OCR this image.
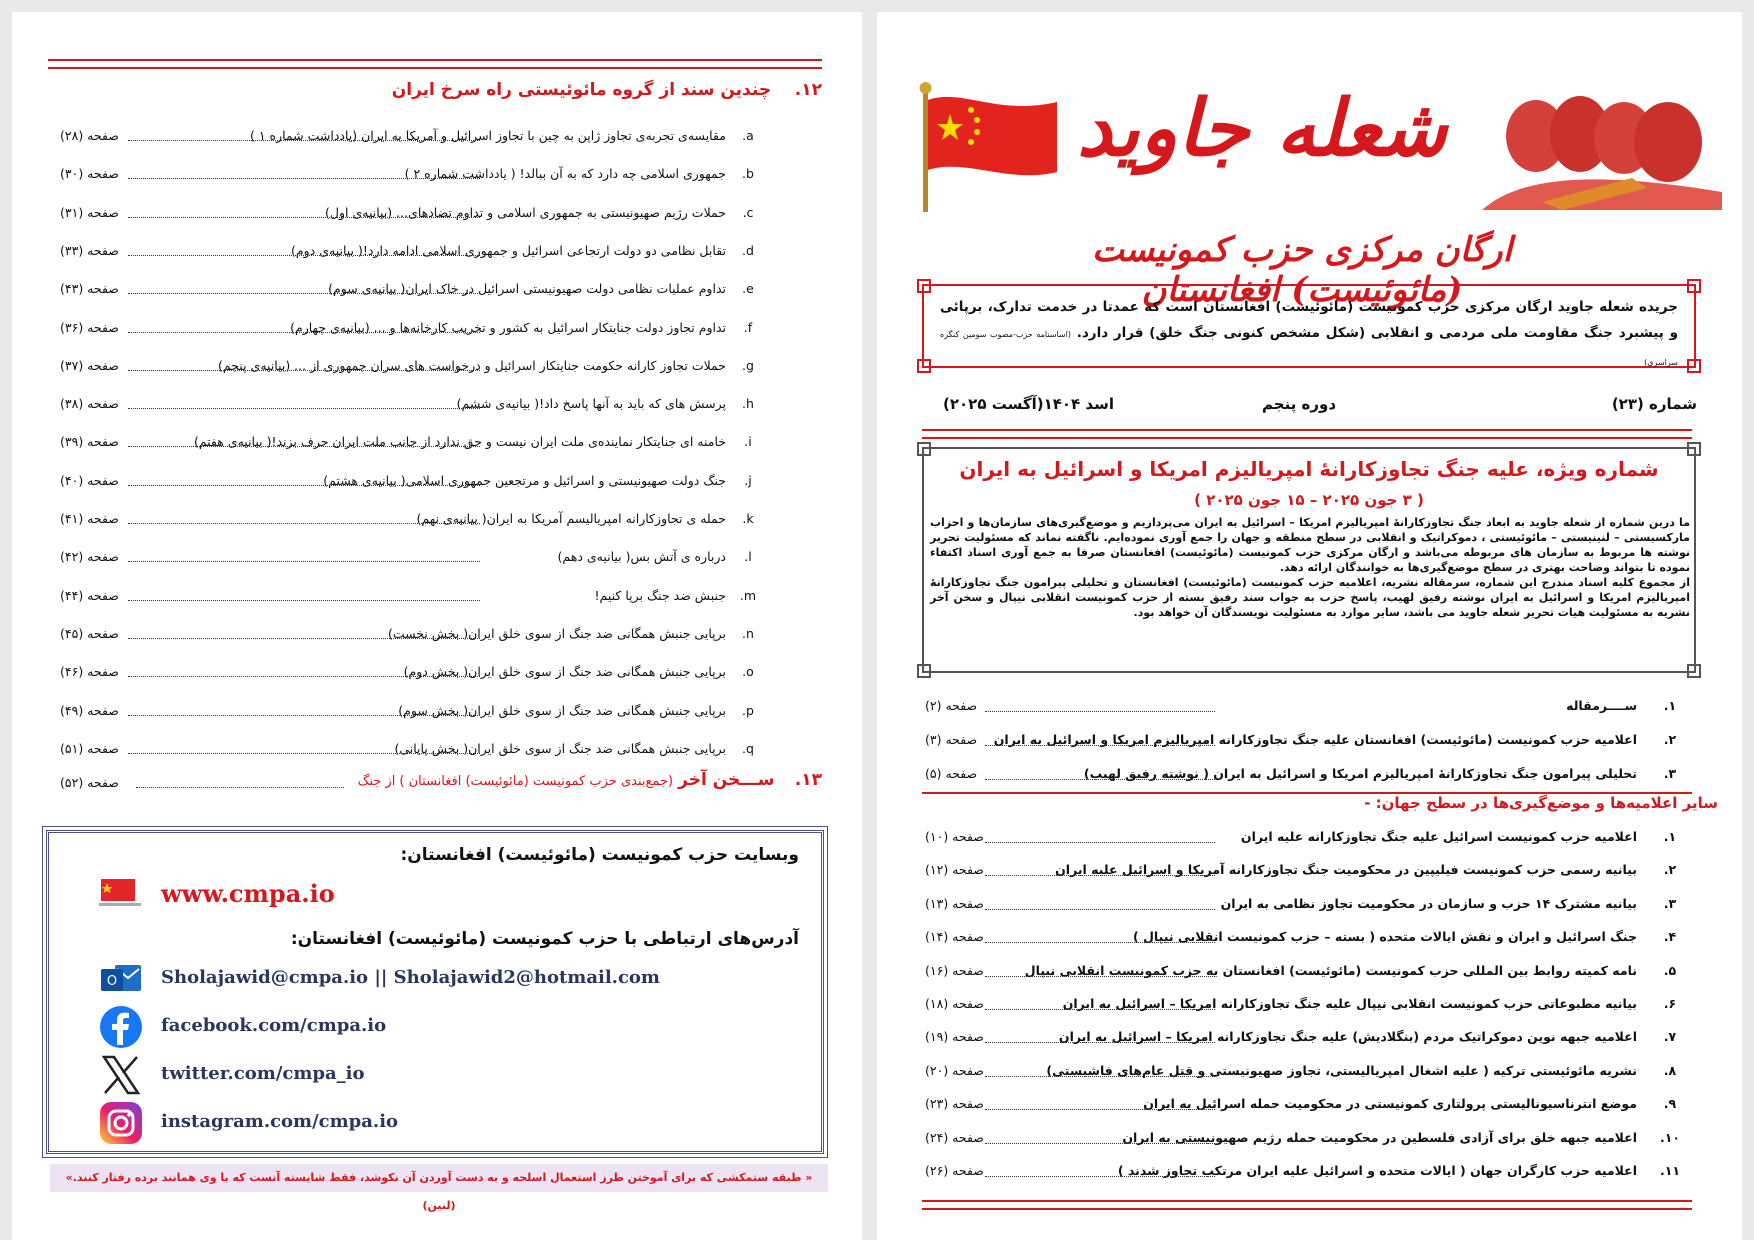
١٢.    چندین سند از گروه مائوئیستی راه سرخ ایران
a.
مقایسه‌ی تجربه‌ی تجاوز ژاپن به چین با تجاوز اسرائیل و آمریکا به ایران (یادداشت شماره ۱ )
صفحه (۲۸)
b.
جمهوری اسلامی چه دارد که به آن ببالد! ( یادداشت شماره ۲ )
صفحه (۳۰)
c.
حملات رژیم صهیونیستی به جمهوری اسلامی و تداوم تضادهای... (بیانیه‌ی اول)
صفحه (۳۱)
d.
تقابل نظامی دو دولت ارتجاعی اسرائیل و جمهوری اسلامی ادامه دارد!( بیانیه‌ی دوم)
صفحه (۳۳)
e.
تداوم عملیات نظامی دولت صهیونیستی اسرائیل در خاک ایران( بیانیه‌ی سوم)
صفحه (۴۳)
f.
تداوم تجاوز دولت جنایتکار اسرائیل به کشور و تخریب کارخانه‌ها و ... (بیانیه‌ی چهارم)
صفحه (۳۶)
g.
حملات تجاوز کارانه حکومت جنایتکار اسرائیل و درخواست های سران جمهوری از ... (بیانیه‌ی پنجم)
صفحه (۳۷)
h.
پرسش های که باید به آنها پاسخ داد!( بیانیه‌ی ششم)
صفحه (۳۸)
i.
خامنه ای جنایتکار نماینده‌ی ملت ایران نیست و حق ندارد از جانب ملت ایران حرف بزند!( بیانیه‌ی هفتم)
صفحه (۳۹)
j.
جنگ دولت صهیونیستی و اسرائیل و مرتجعین جمهوری اسلامی( بیانیه‌ی هشتم)
صفحه (۴۰)
k.
حمله ی تجاوزکارانه امپریالیسم آمریکا به ایران( بیانیه‌ی نهم)
صفحه (۴۱)
l.
درباره ی آتش بس( بیانیه‌ی دهم)
صفحه (۴۲)
m.
جنبش ضد جنگ برپا کنیم!
صفحه (۴۴)
n.
برپایی جنبش همگانی ضد جنگ از سوی خلق ایران( بخش نخست)
صفحه (۴۵)
o.
برپایی جنبش همگانی ضد جنگ از سوی خلق ایران( بخش دوم)
صفحه (۴۶)
p.
برپایی جنبش همگانی ضد جنگ از سوی خلق ایران( بخش سوم)
صفحه (۴۹)
q.
برپایی جنبش همگانی ضد جنگ از سوی خلق ایران( بخش پایانی)
صفحه (۵۱)
١٣.    ســـخن آخر (جمع‌بندی حزب کمونیست (مائوئیست) افغانستان ) از جنگ
صفحه (۵۲)
وبسایت حزب کمونیست (مائوئیست) افغانستان:
www.cmpa.io
آدرس‌های ارتباطی با حزب کمونیست (مائوئیست) افغانستان:
O Sholajawid@cmpa.io || Sholajawid2@hotmail.com
facebook.com/cmpa.io
twitter.com/cmpa_io
instagram.com/cmpa.io
« طبقه ستمکشی که برای آموختن طرز استعمال اسلحه و به دست آوردن آن نکوشد، فقط شایسته آنست که با وی همانند برده رفتار کنند.» (لنین)
شعله جاوید
ارگان مرکزی حزب کمونیست (مائوئیست) افغانستان
جریده شعله جاوید ارگان مرکزی حزب کمونیست (مائوئیست) افغانستان است که عمدتا در خدمت تدارک، برپائی و پیشبرد جنگ مقاومت ملی مردمی و انقلابی (شکل مشخص کنونی جنگ خلق) قرار دارد. (اساسنامه حزب-مصوب سومین کنگره سراسری)
شماره (۲۳)
دوره پنجم
اسد ۱۴۰۴(آگست ۲۰۲۵)
شماره ویژه، علیه جنگ تجاوزکارانۀ امپریالیزم امریکا و اسرائیل به ایران
( ۳ جون ۲۰۲۵ – ۱۵ جون ۲۰۲۵ )
ما درین شماره از شعله جاوید به ابعاد جنگ تجاوزکارانۀ امپریالیزم امریکا – اسرائیل به ایران می‌پردازیم و موضع‌گیری‌های سازمان‌ها و احزاب مارکسیستی – لنینیستی – مائوئیستی ، دموکراتیک و انقلابی در سطح منطقه و جهان را جمع آوری نموده‌ایم. ناگفته نماند که مسئولیت تحریر نوشته ها مربوط به سازمان های مربوطه می‌باشد و ارگان مرکزی حزب کمونیست (مائوئیست) افغانستان صرفا به جمع آوری اسناد اکتفاء نموده تا بتواند وضاحت بهتری در سطح موضع‌گیری‌ها به خوانندگان ارائه دهد.
از مجموع کلیه اسناد مندرج این شماره، سرمقاله نشریه، اعلامیه حزب کمونیست (مائوئیست) افغانستان و تحلیلی پیرامون جنگ تجاوزکارانۀ امپریالیزم امریکا و اسرائیل به ایران نوشته رفیق لهیب، پاسخ حزب به جواب سند رفیق بسته از حزب کمونیست انقلابی نیپال و سخن آخر نشریه به مسئولیت هیات تحریر شعله جاوید می باشد، سایر موارد به مسئولیت نویسندگان آن خواهد بود.
١.
ســــرمقاله
صفحه (۲)
٢.
اعلامیه حزب کمونیست (مائوئیست) افغانستان علیه جنگ تجاوزکارانه امپریالیزم امریکا و اسرائیل به ایران
صفحه (۳)
٣.
تحلیلی پیرامون جنگ تجاوزکارانۀ امپریالیزم امریکا و اسرائیل به ایران ( نوشته رفیق لهیب)
صفحه (۵)
سایر اعلامیه‌ها و موضع‌گیری‌ها در سطح جهان: -
١.
اعلامیه حزب کمونیست اسرائیل علیه جنگ تجاوزکارانه علیه ایران
صفحه (۱۰)
٢.
بیانیه رسمی حزب کمونیست فیلیپین در محکومیت جنگ تجاوزکارانه آمریکا و اسرائیل علیه ایران
صفحه (۱۲)
٣.
بیانیه مشترک ۱۴ حزب و سازمان در محکومیت تجاوز نظامی به ایران
صفحه (۱۳)
۴.
جنگ اسرائیل و ایران و نقش ایالات متحده ( بسته – حزب کمونیست انقلابی نیپال )
صفحه (۱۴)
۵.
نامه کمیته روابط بین المللی حزب کمونیست (مائوئیست) افغانستان به حزب کمونیست انقلابی نیپال
صفحه (۱۶)
۶.
بیانیه مطبوعاتی حزب کمونیست انقلابی نیپال علیه جنگ تجاوزکارانه امریکا – اسرائیل به ایران
صفحه (۱۸)
۷.
اعلامیه جبهه نوین دموکراتیک مردم (بنگلادیش) علیه جنگ تجاوزکارانه امریکا – اسرائیل به ایران
صفحه (۱۹)
۸.
نشریه مائوئیستی ترکیه ( علیه اشغال امپریالیستی، تجاوز صهیونیستی و قتل عام‌های فاشیستی)
صفحه (۲۰)
۹.
موضع انترناسیونالیستی پرولتاری کمونیستی در محکومیت حمله اسرائیل به ایران
صفحه (۲۳)
۱۰.
اعلامیه جبهه خلق برای آزادی فلسطین در محکومیت حمله رژیم صهیونیستی به ایران
صفحه (۲۴)
۱۱.
اعلامیه حزب کارگران جهان ( ایالات متحده و اسرائیل علیه ایران مرتکب تجاوز شدند )
صفحه (۲۶)
